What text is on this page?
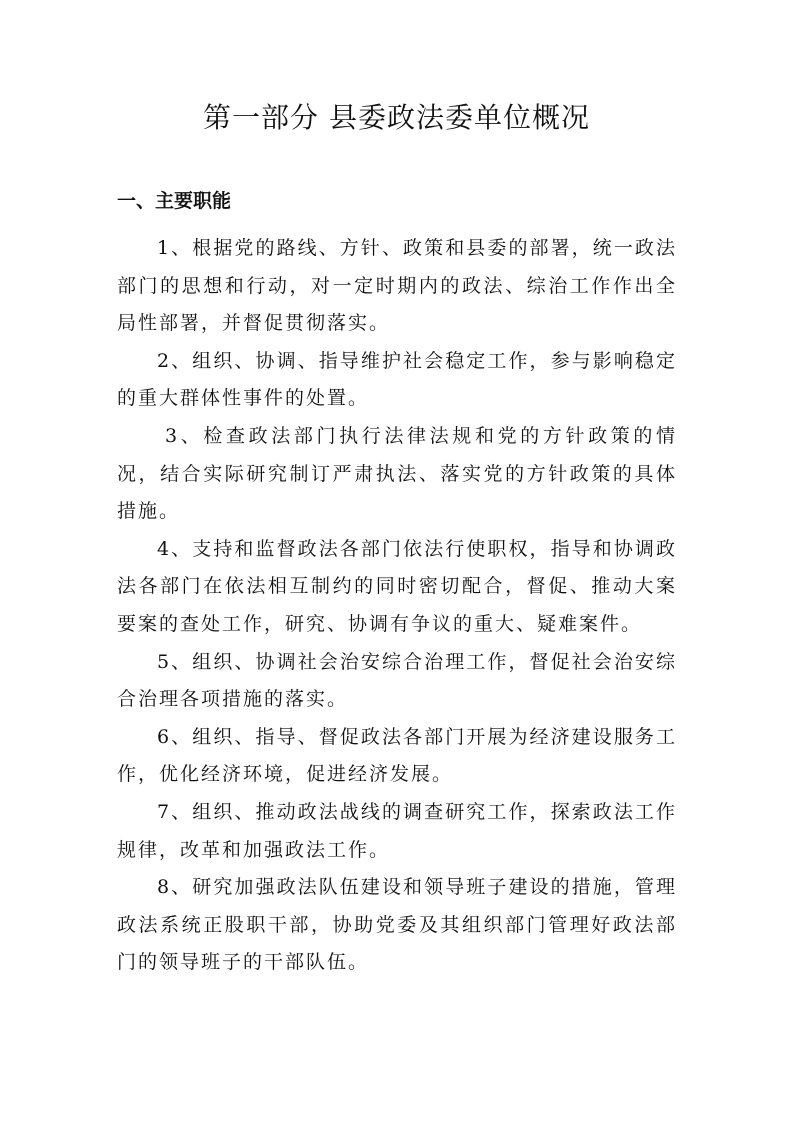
第一部分 县委政法委单位概况
一、主要职能

1、根据党的路线、方针、政策和县委的部署，统一政法部门的思想和行动，对一定时期内的政法、综治工作作出全局性部署，并督促贯彻落实。

2、组织、协调、指导维护社会稳定工作，参与影响稳定的重大群体性事件的处置。

3、检查政法部门执行法律法规和党的方针政策的情况，结合实际研究制订严肃执法、落实党的方针政策的具体措施。

4、支持和监督政法各部门依法行使职权，指导和协调政法各部门在依法相互制约的同时密切配合，督促、推动大案要案的查处工作，研究、协调有争议的重大、疑难案件。

5、组织、协调社会治安综合治理工作，督促社会治安综合治理各项措施的落实。

6、组织、指导、督促政法各部门开展为经济建设服务工作，优化经济环境，促进经济发展。

7、组织、推动政法战线的调查研究工作，探索政法工作规律，改革和加强政法工作。

8、研究加强政法队伍建设和领导班子建设的措施，管理政法系统正股职干部，协助党委及其组织部门管理好政法部门的领导班子的干部队伍。
